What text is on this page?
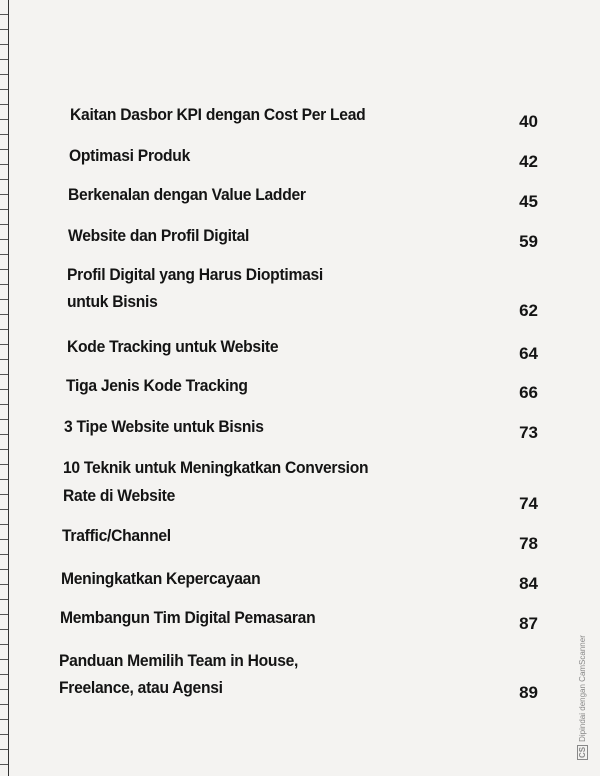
Kaitan Dasbor KPI dengan Cost Per Lead	40
Optimasi Produk	42
Berkenalan dengan Value Ladder	45
Website dan Profil Digital	59
Profil Digital yang Harus Dioptimasi
untuk Bisnis	62
Kode Tracking untuk Website	64
Tiga Jenis Kode Tracking	66
3 Tipe Website untuk Bisnis	73
10 Teknik untuk Meningkatkan Conversion
Rate di Website	74
Traffic/Channel	78
Meningkatkan Kepercayaan	84
Membangun Tim Digital Pemasaran	87
Panduan Memilih Team in House,
Freelance, atau Agensi	89
CSDipindai dengan CamScanner
